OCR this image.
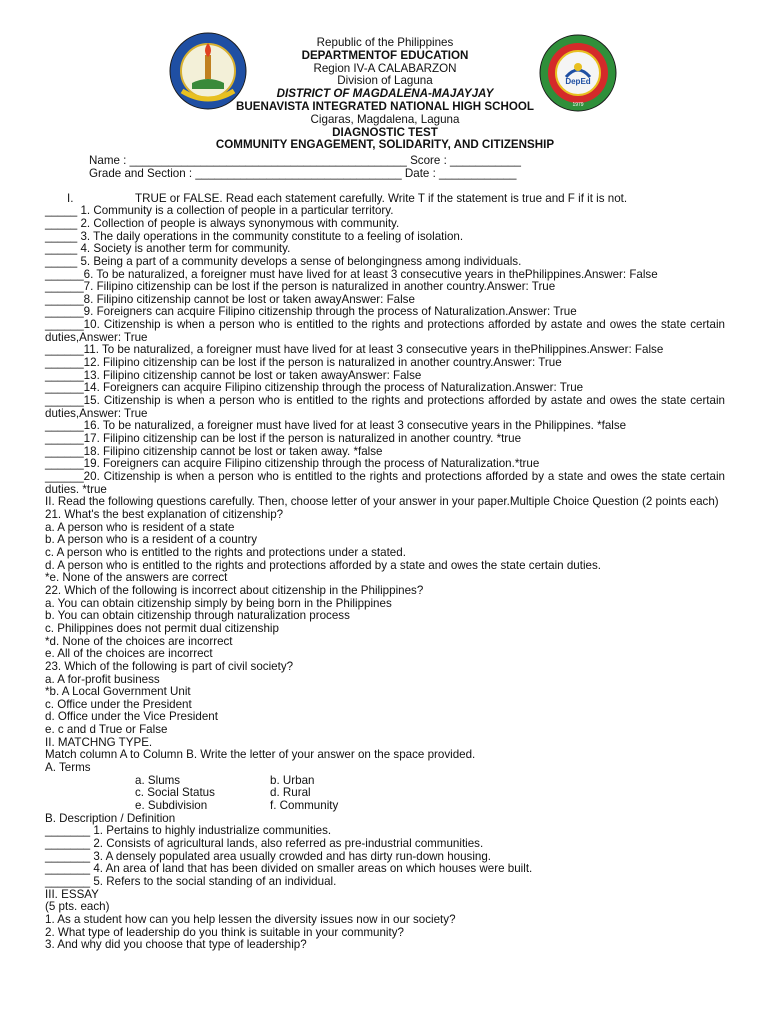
DepEd
1979
Republic of the Philippines
DEPARTMENTOF EDUCATION
Region IV-A CALABARZON
Division of Laguna
DISTRICT OF MAGDALENA-MAJAYJAY
BUENAVISTA INTEGRATED NATIONAL HIGH SCHOOL
Cigaras, Magdalena, Laguna
DIAGNOSTIC TEST
COMMUNITY ENGAGEMENT, SOLIDARITY, AND CITIZENSHIP
Name : ___________________________________________ Score : ___________
Grade and Section : ________________________________ Date : ____________
I.	TRUE or FALSE. Read each statement carefully. Write T if the statement is true and F if it is not.
_____ 1. Community is a collection of people in a particular territory.
_____ 2. Collection of people is always synonymous with community.
_____ 3. The daily operations in the community constitute to a feeling of isolation.
_____ 4. Society is another term for community.
_____ 5. Being a part of a community develops a sense of belongingness among individuals.
______6. To be naturalized, a foreigner must have lived for at least 3 consecutive years in thePhilippines.Answer: False
______7. Filipino citizenship can be lost if the person is naturalized in another country.Answer: True
______8. Filipino citizenship cannot be lost or taken awayAnswer: False
______9. Foreigners can acquire Filipino citizenship through the process of Naturalization.Answer: True
______10. Citizenship is when a person who is entitled to the rights and protections afforded by astate and owes the state certain duties,Answer: True
______11. To be naturalized, a foreigner must have lived for at least 3 consecutive years in thePhilippines.Answer: False
______12. Filipino citizenship can be lost if the person is naturalized in another country.Answer: True
______13. Filipino citizenship cannot be lost or taken awayAnswer: False
______14. Foreigners can acquire Filipino citizenship through the process of Naturalization.Answer: True
______15. Citizenship is when a person who is entitled to the rights and protections afforded by astate and owes the state certain duties,Answer: True
______16. To be naturalized, a foreigner must have lived for at least 3 consecutive years in the Philippines. *false
______17. Filipino citizenship can be lost if the person is naturalized in another country. *true
______18. Filipino citizenship cannot be lost or taken away. *false
______19. Foreigners can acquire Filipino citizenship through the process of Naturalization.*true
______20. Citizenship is when a person who is entitled to the rights and protections afforded by a state and owes the state certain duties. *true
II. Read the following questions carefully. Then, choose letter of your answer in your paper.Multiple Choice Question (2 points each)
21. What's the best explanation of citizenship?
a. A person who is resident of a state
b. A person who is a resident of a country
c. A person who is entitled to the rights and protections under a stated.
d. A person who is entitled to the rights and protections afforded by a state and owes the state certain duties.
*e. None of the answers are correct
22. Which of the following is incorrect about citizenship in the Philippines?
a. You can obtain citizenship simply by being born in the Philippines
b. You can obtain citizenship through naturalization process
c. Philippines does not permit dual citizenship
*d. None of the choices are incorrect
e. All of the choices are incorrect
23. Which of the following is part of civil society?
a. A for-profit business
*b. A Local Government Unit
c. Office under the President
d. Office under the Vice President
e. c and d True or False
II. MATCHNG TYPE.
Match column A to Column B. Write the letter of your answer on the space provided.
A. Terms
a. Slums	b. Urban
c. Social Status	d. Rural
e. Subdivision	f. Community
B. Description / Definition
_______ 1. Pertains to highly industrialize communities.
_______ 2. Consists of agricultural lands, also referred as pre-industrial communities.
_______ 3. A densely populated area usually crowded and has dirty run-down housing.
_______ 4. An area of land that has been divided on smaller areas on which houses were built.
_______ 5. Refers to the social standing of an individual.
III. ESSAY
(5 pts. each)
1. As a student how can you help lessen the diversity issues now in our society?
2. What type of leadership do you think is suitable in your community?
3. And why did you choose that type of leadership?
